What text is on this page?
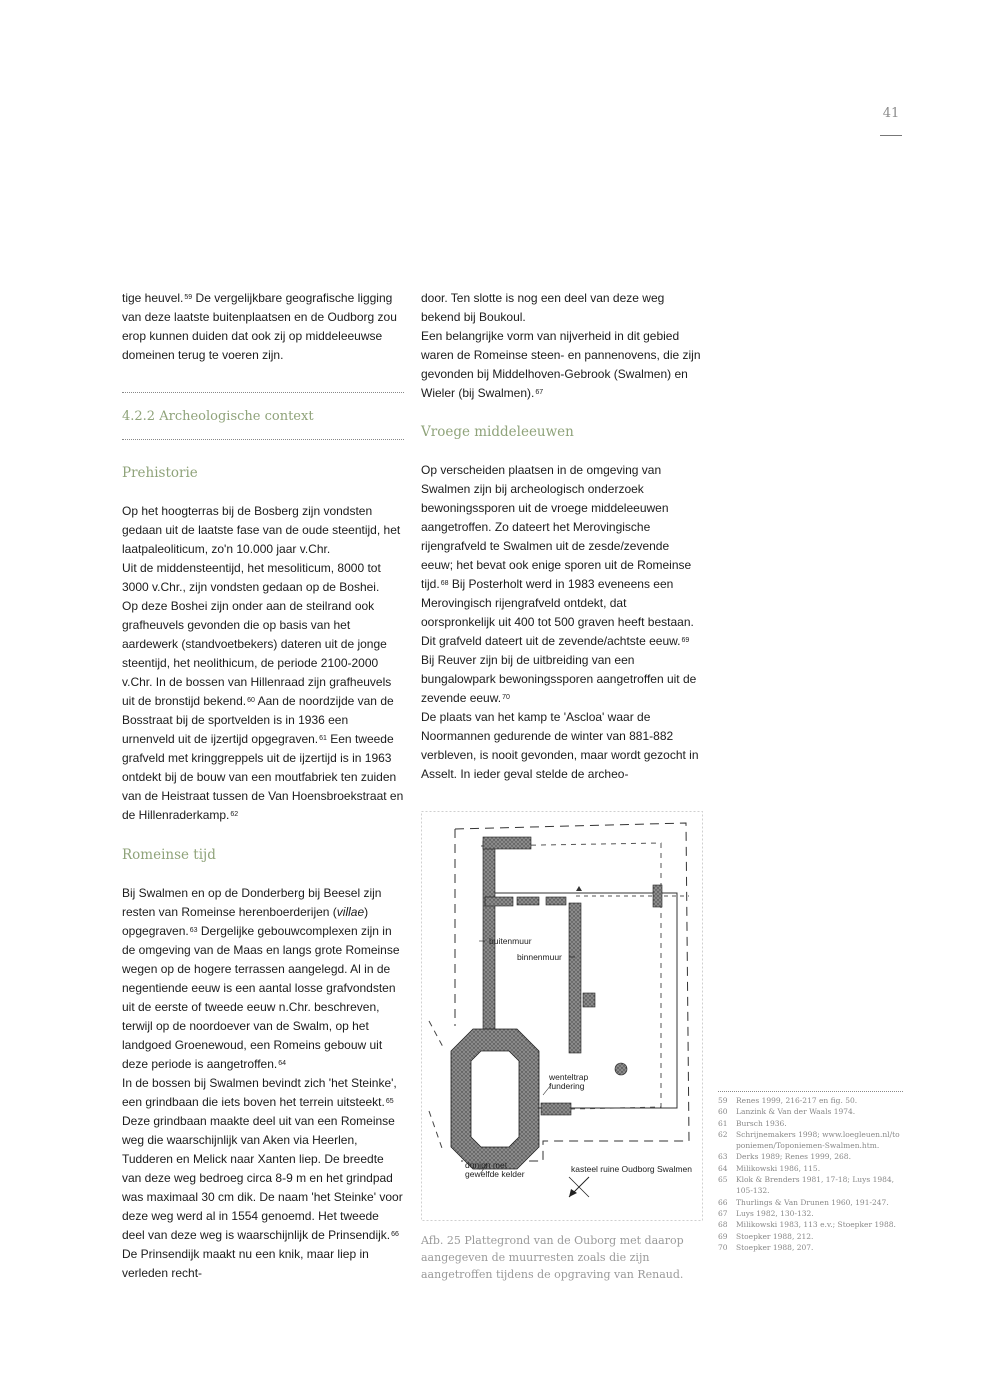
41

tige heuvel.$^{59}$ De vergelijkbare geografische ligging van deze laatste buitenplaatsen en de Oudborg zou erop kunnen duiden dat ook zij op middeleeuwse domeinen terug te voeren zijn.

4.2.2 Archeologische context
Prehistorie

Op het hoogterras bij de Bosberg zijn vondsten gedaan uit de laatste fase van de oude steentijd, het laatpaleoliticum, zo'n 10.000 jaar v.Chr.

Uit de middensteentijd, het mesoliticum, 8000 tot 3000 v.Chr., zijn vondsten gedaan op de Boshei.

Op deze Boshei zijn onder aan de steilrand ook grafheuvels gevonden die op basis van het aardewerk (standvoetbekers) dateren uit de jonge steentijd, het neolithicum, de periode 2100-2000 v.Chr. In de bossen van Hillenraad zijn grafheuvels uit de bronstijd bekend.$^{60}$ Aan de noordzijde van de Bosstraat bij de sportvelden is in 1936 een urnenveld uit de ijzertijd opgegraven.$^{61}$ Een tweede grafveld met kringgreppels uit de ijzertijd is in 1963 ontdekt bij de bouw van een moutfabriek ten zuiden van de Heistraat tussen de Van Hoensbroekstraat en de Hillenraderkamp.$^{62}$

Romeinse tijd

Bij Swalmen en op de Donderberg bij Beesel zijn resten van Romeinse herenboerderijen (villae) opgegraven.$^{63}$ Dergelijke gebouwcomplexen zijn in de omgeving van de Maas en langs grote Romeinse wegen op de hogere terrassen aangelegd. Al in de negentiende eeuw is een aantal losse grafvondsten uit de eerste of tweede eeuw n.Chr. beschreven, terwijl op de noordoever van de Swalm, op het landgoed Groenewoud, een Romeins gebouw uit deze periode is aangetroffen.$^{64}$

In de bossen bij Swalmen bevindt zich 'het Steinke', een grindbaan die iets boven het terrein uitsteekt.$^{65}$ Deze grindbaan maakte deel uit van een Romeinse weg die waarschijnlijk van Aken via Heerlen, Tudderen en Melick naar Xanten liep. De breedte van deze weg bedroeg circa 8-9 m en het grindpad was maximaal 30 cm dik. De naam 'het Steinke' voor deze weg werd al in 1554 genoemd. Het tweede deel van deze weg is waarschijnlijk de Prinsendijk.$^{66}$ De Prinsendijk maakt nu een knik, maar liep in verleden recht-

door. Ten slotte is nog een deel van deze weg bekend bij Boukoul.

Een belangrijke vorm van nijverheid in dit gebied waren de Romeinse steen- en pannenovens, die zijn gevonden bij Middelhoven-Gebrook (Swalmen) en Wieler (bij Swalmen).$^{67}$

Vroege middeleeuwen

Op verscheiden plaatsen in de omgeving van Swalmen zijn bij archeologisch onderzoek bewoningssporen uit de vroege middeleeuwen aangetroffen. Zo dateert het Merovingische rijengrafveld te Swalmen uit de zesde/zevende eeuw; het bevat ook enige sporen uit de Romeinse tijd.$^{68}$ Bij Posterholt werd in 1983 eveneens een Merovingisch rijengrafveld ontdekt, dat oorspronkelijk uit 400 tot 500 graven heeft bestaan. Dit grafveld dateert uit de zevende/achtste eeuw.$^{69}$ Bij Reuver zijn bij de uitbreiding van een bungalowpark bewoningssporen aangetroffen uit de zevende eeuw.$^{70}$

De plaats van het kamp te 'Ascloa' waar de Noormannen gedurende de winter van 881-882 verbleven, is nooit gevonden, maar wordt gezocht in Asselt. In ieder geval stelde de archeo-

buitenmuur
binnenmuur
wenteltrap
fundering
donjon met
gewelfde kelder	kasteel ruine Oudborg Swalmen

Afb. 25 Plattegrond van de Ouborg met daarop aangegeven de muurresten zoals die zijn aangetroffen tijdens de opgraving van Renaud.

59 Renes 1999, 216-217 en fig. 50.
60 Lanzink & Van der Waals 1974.
61 Bursch 1936.
62 Schrijnemakers 1998; www.loegleuen.nl/toponiemen/Toponiemen-Swalmen.htm.
63 Derks 1989; Renes 1999, 268.
64 Milikowski 1986, 115.
65 Klok & Brenders 1981, 17-18; Luys 1984, 105-132.
66 Thurlings & Van Drunen 1960, 191-247.
67 Luys 1982, 130-132.
68 Milikowski 1983, 113 e.v.; Stoepker 1988.
69 Stoepker 1988, 212.
70 Stoepker 1988, 207.
